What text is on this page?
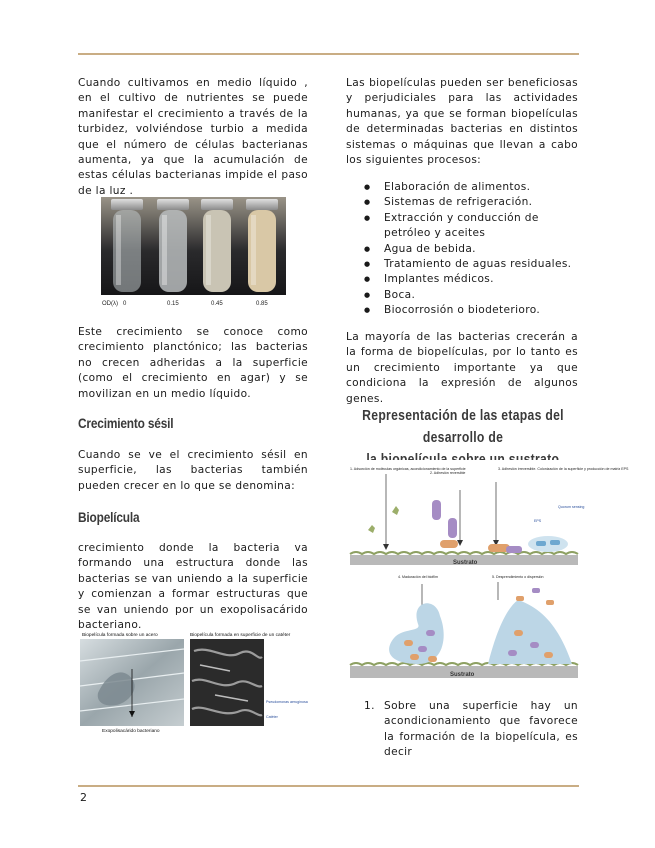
Cuando cultivamos en medio líquido , en el cultivo de nutrientes se puede manifestar el crecimiento a través de la turbidez, volviéndose turbio a medida que el número de células bacterianas aumenta, ya que la acumulación de estas células bacterianas impide el paso de la luz .

OD(λ) 0	0.15	0.45	0.85

Este crecimiento se conoce como crecimiento planctónico; las bacterias no crecen adheridas a la superficie (como el crecimiento en agar) y se movilizan en un medio líquido.

Crecimiento sésil

Cuando se ve el crecimiento sésil en superficie, las bacterias también pueden crecer en lo que se denomina:

Biopelícula

crecimiento donde la bacteria va formando una estructura donde las bacterias se van uniendo a la superficie y comienzan a formar estructuras que se van uniendo por un exopolisacárido bacteriano.

Biopelícula formada sobre un acero
Exopolisacárido bacteriano
Biopelícula formada en superficie de un catéter
Pseudomonas aeruginosa
Catéter

Las biopelículas pueden ser beneficiosas y perjudiciales para las actividades humanas, ya que se forman biopelículas de determinadas bacterias en distintos sistemas o máquinas que llevan a cabo los siguientes procesos:

● Elaboración de alimentos.
● Sistemas de refrigeración.
● Extracción y conducción de petróleo y aceites
● Agua de bebida.
● Tratamiento de aguas residuales.
● Implantes médicos.
● Boca.
● Biocorrosión o biodeterioro.

La mayoría de las bacterias crecerán a la forma de biopelículas, por lo tanto es un crecimiento importante ya que condiciona la expresión de algunos genes.

Representación de las etapas del desarrollo de
Sustrato
1. Adsorción de moléculas orgánicas, acondicionamiento de la superficie
2. Adhesión reversible
3. Adhesión irreversible. Colonización de la superficie y producción de matriz EPS
EPS
Quorum sensing
Sustrato
4. Maduración del biofilm	5. Desprendimiento o dispersión
1. Sobre una superficie hay un acondicionamiento que favorece la formación de la biopelícula, es decir
2
